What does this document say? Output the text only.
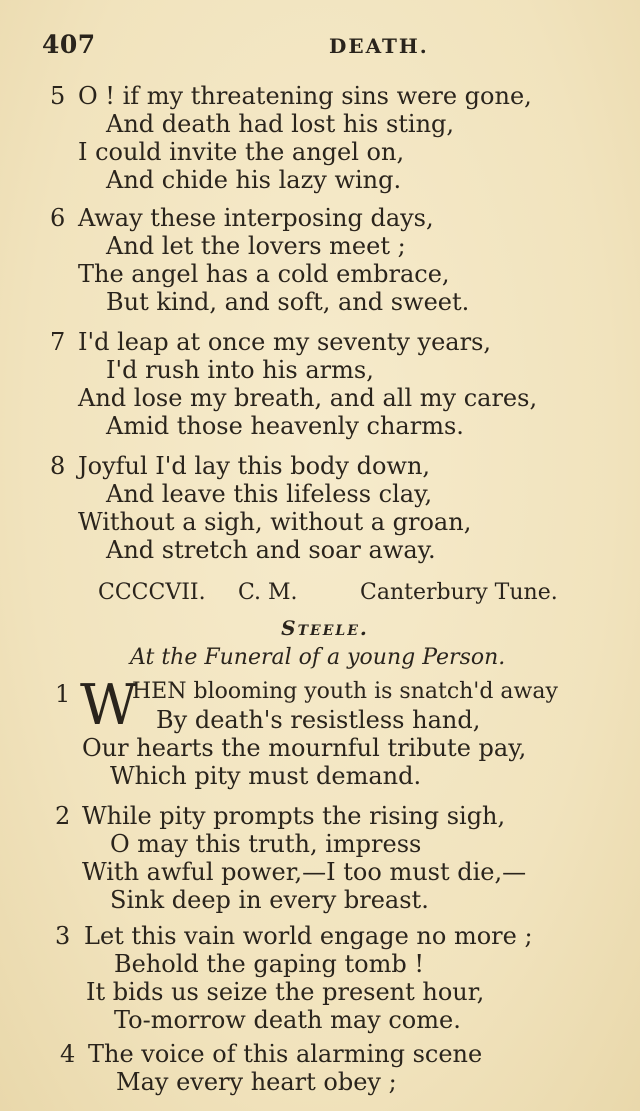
407	DEATH.
5 O ! if my threatening sins were gone,
And death had lost his sting,
I could invite the angel on,
And chide his lazy wing.
6 Away these interposing days,
And let the lovers meet ;
The angel has a cold embrace,
But kind, and soft, and sweet.
7 I'd leap at once my seventy years,
I'd rush into his arms,
And lose my breath, and all my cares,
Amid those heavenly charms.
8 Joyful I'd lay this body down,
And leave this lifeless clay,
Without a sigh, without a groan,
And stretch and soar away.
CCCCVII. C. M.	Canterbury Tune.
Steele.
At the Funeral of a young Person.
1 W
HEN blooming youth is snatch'd away
By death's resistless hand,
Our hearts the mournful tribute pay,
Which pity must demand.
2 While pity prompts the rising sigh,
O may this truth, impress
With awful power,—I too must die,—
Sink deep in every breast.
3 Let this vain world engage no more ;
Behold the gaping tomb !
It bids us seize the present hour,
To-morrow death may come.
4 The voice of this alarming scene
May every heart obey ;
